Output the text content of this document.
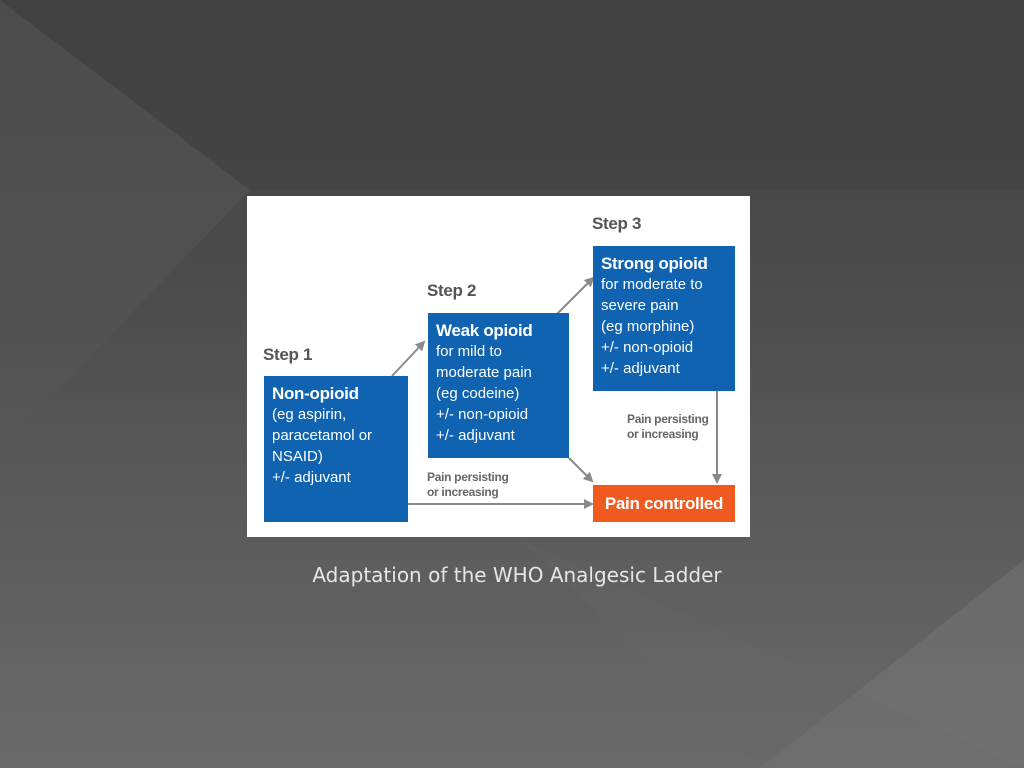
Step 1
Step 2
Step 3
Non-opioid
(eg aspirin,
paracetamol or
NSAID)
+/- adjuvant
Weak opioid
for mild to
moderate pain
(eg codeine)
+/- non-opioid
+/- adjuvant
Strong opioid
for moderate to
severe pain
(eg morphine)
+/- non-opioid
+/- adjuvant
Pain persisting
or increasing
Pain persisting
or increasing
Pain controlled
Adaptation of the WHO Analgesic Ladder
